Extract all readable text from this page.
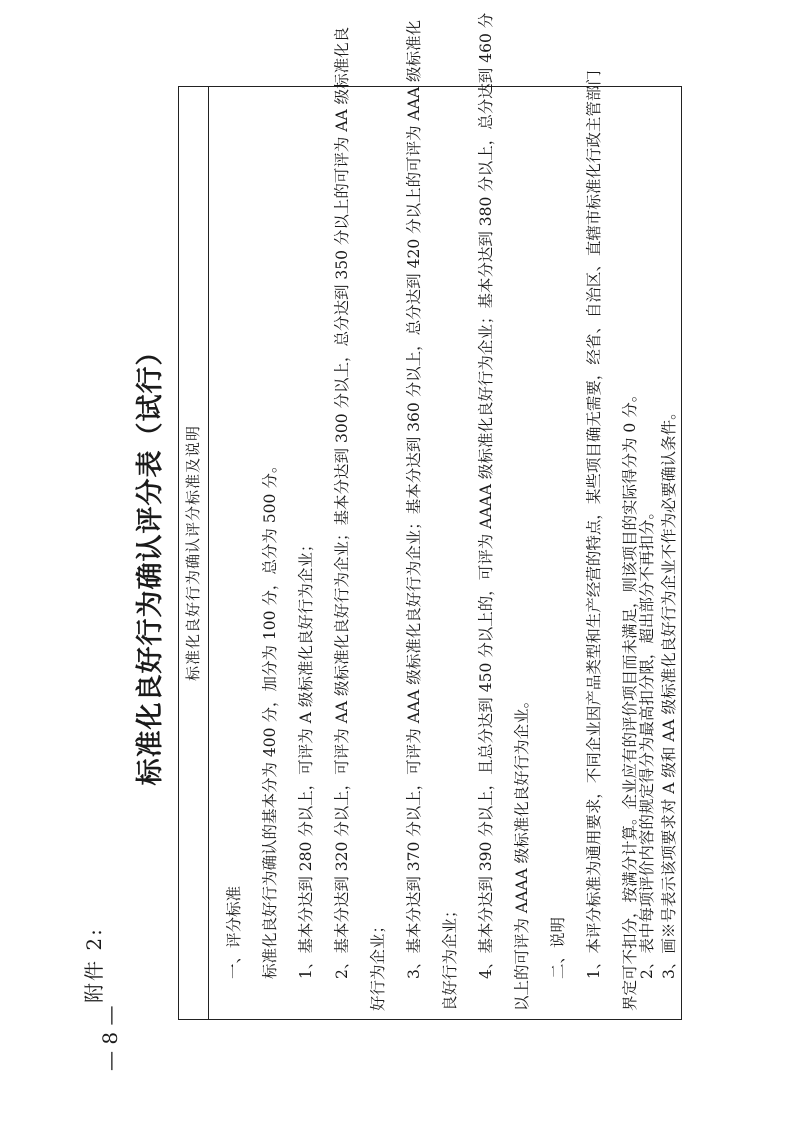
— 8 —
附件 2:
标准化良好行为确认评分表（试行）	标准化良好行为确认评分标准及说明
一、评分标准 标准化良好行为确认的基本分为 400 分，加分为 100 分，总分为 500 分。 1、基本分达到 280 分以上，可评为 A 级标准化良好行为企业； 2、基本分达到 320 分以上，可评为 AA 级标准化良好行为企业；基本分达到 300 分以上，总分达到 350 分以上的可评为 AA 级标准化良 好行为企业； 3、基本分达到 370 分以上，可评为 AAA 级标准化良好行为企业；基本分达到 360 分以上，总分达到 420 分以上的可评为 AAA 级标准化 良好行为企业； 4、基本分达到 390 分以上，且总分达到 450 分以上的，可评为 AAAA 级标准化良好行为企业；基本分达到 380 分以上，总分达到 460 分 以上的可评为 AAAA 级标准化良好行为企业。 二、说明 1、本评分标准为通用要求，不同企业因产品类型和生产经营的特点，某些项目确无需要，经省、自治区、直辖市标准化行政主管部门 界定可不扣分，按满分计算。企业应有的评价项目而未满足，则该项目的实际得分为 0 分。 2、表中每项评价内容的规定得分为最高扣分限，超出部分不再扣分。 3、画※号表示该项要求对 A 级和 AA 级标准化良好行为企业不作为必要确认条件。
